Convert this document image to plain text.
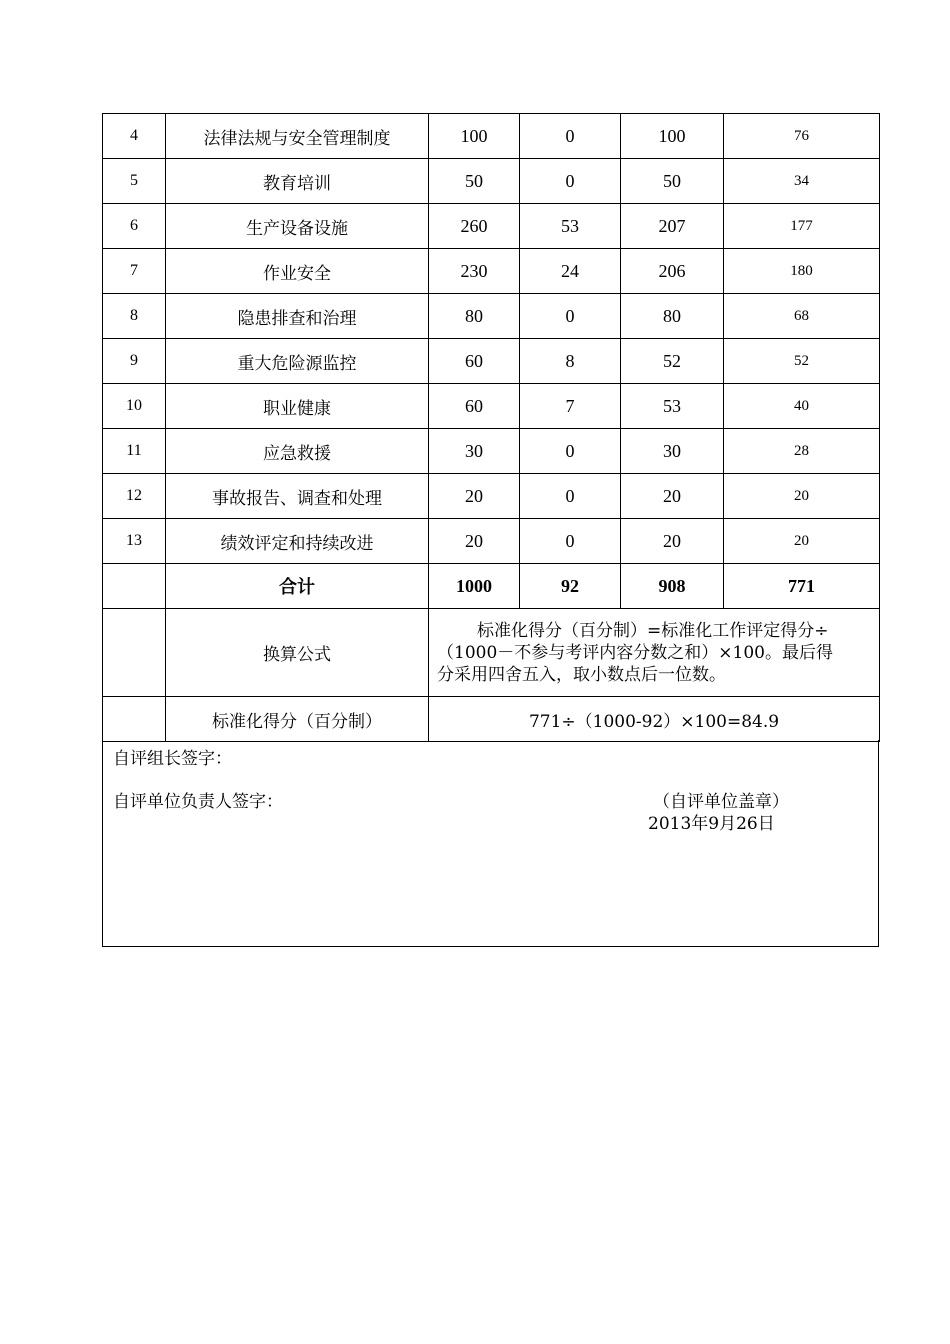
4	法律法规与安全管理制度	100	0	100	76
5	教育培训	50	0	50	34
6	生产设备设施	260	53	207	177
7	作业安全	230	24	206	180
8	隐患排查和治理	80	0	80	68
9	重大危险源监控	60	8	52	52
10	职业健康	60	7	53	40
11	应急救援	30	0	30	28
12	事故报告、调查和处理	20	0	20	20
13	绩效评定和持续改进	20	0	20	20
	合计	1000	92	908	771
	换算公式	标准化得分（百分制）=标准化工作评定得分÷
（1000－不参与考评内容分数之和）×100。最后得
分采用四舍五入，取小数点后一位数。			
	标准化得分（百分制）	771÷（1000-92）×100=84.9			
自评组长签字：
自评单位负责人签字：	（自评单位盖章）
2013年9月26日
